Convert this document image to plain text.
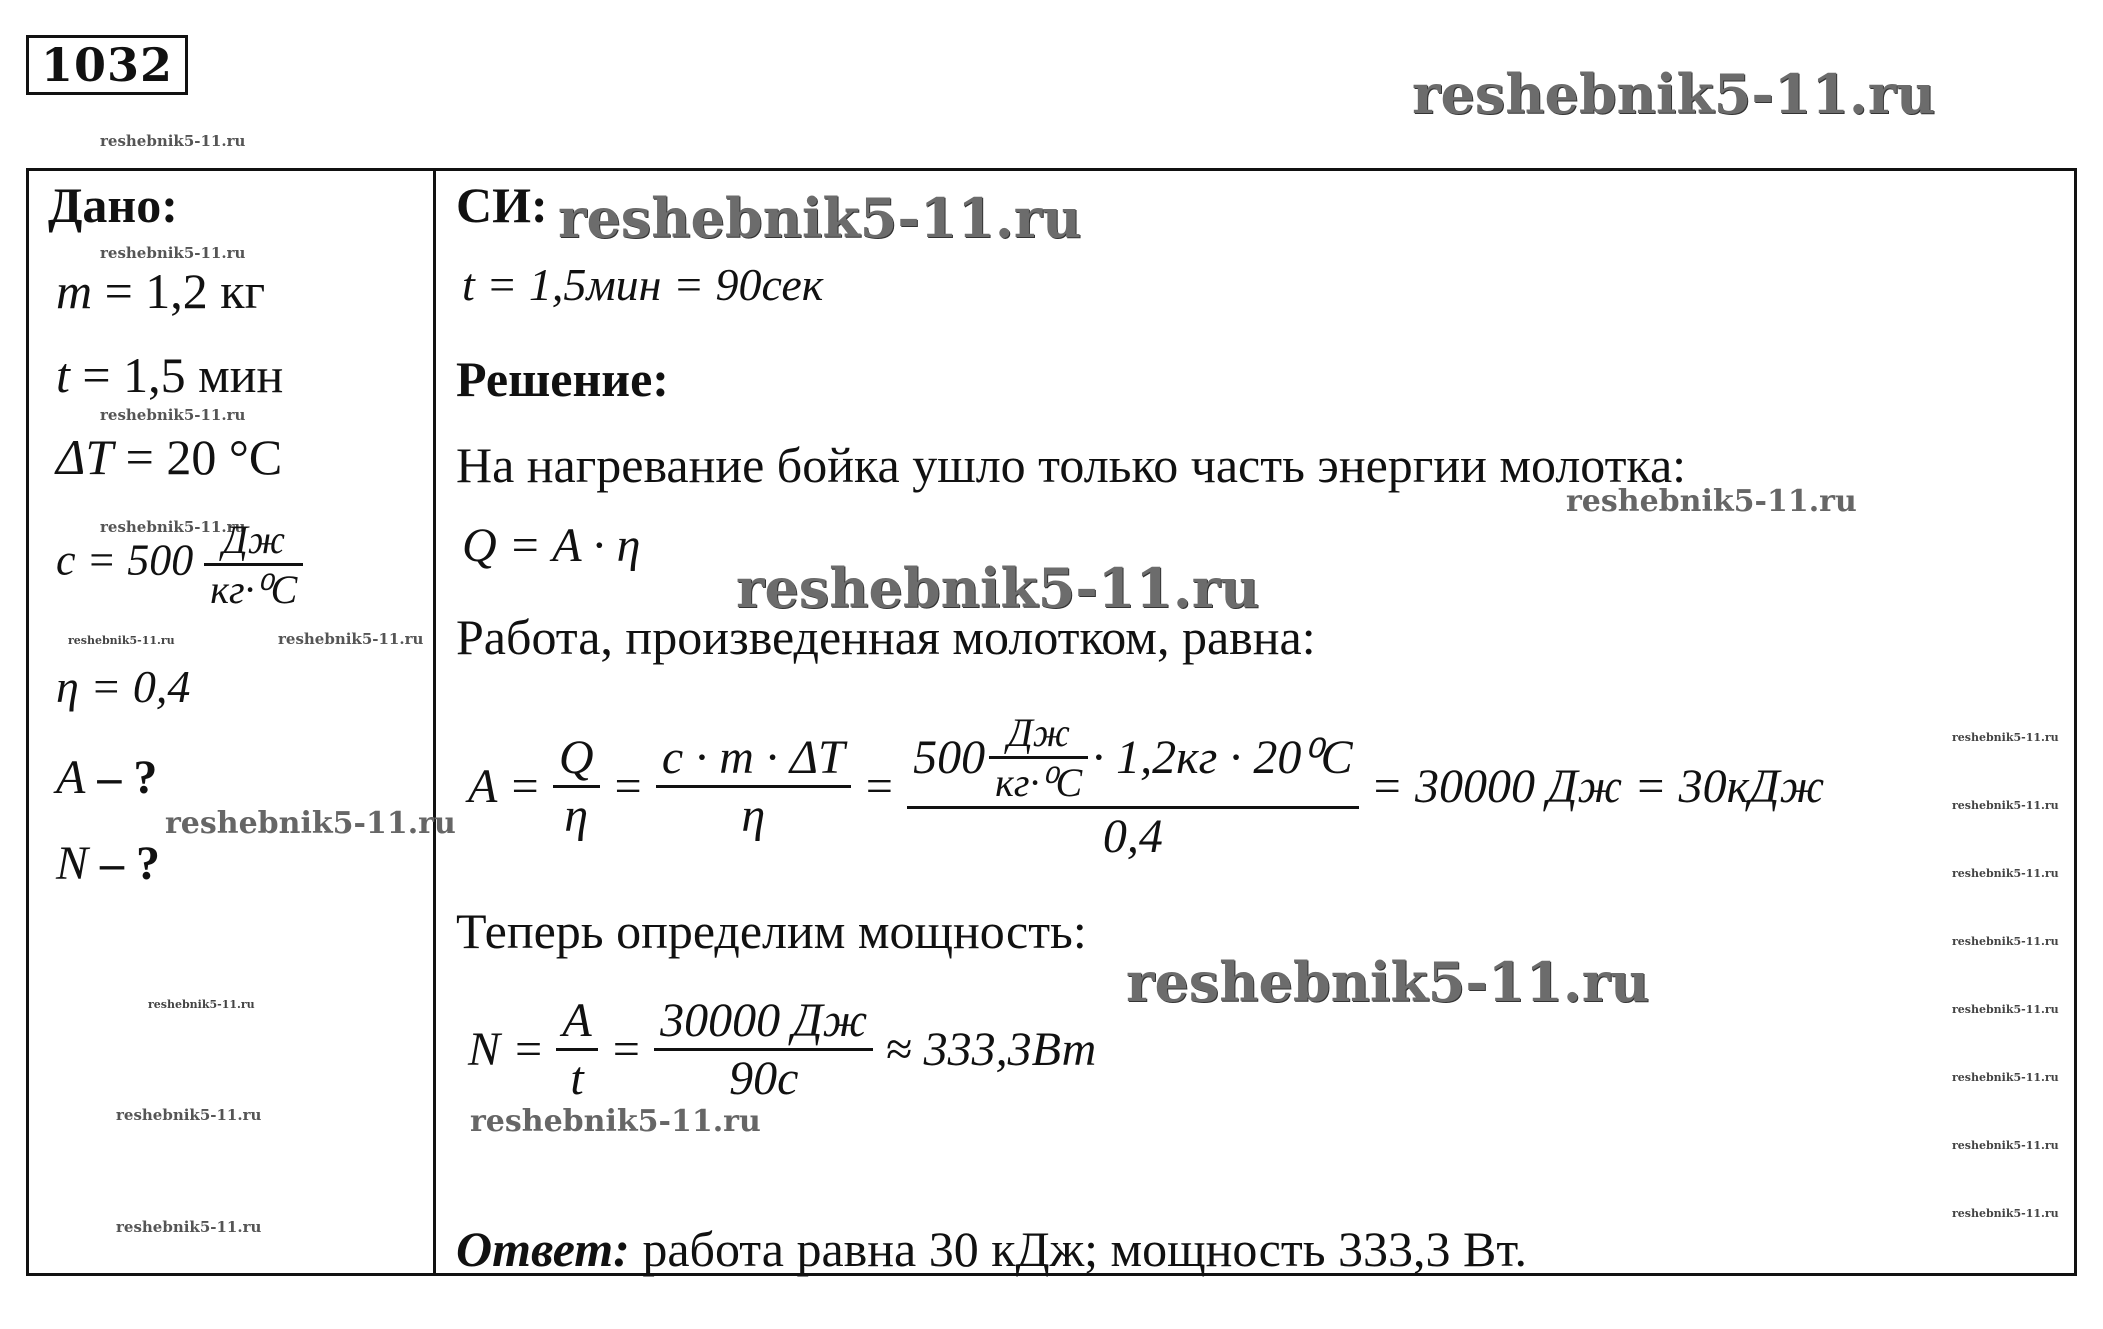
1032	reshebnik5-11.ru
reshebnik5-11.ru
Дано:
reshebnik5-11.ru
m = 1,2 кг
t = 1,5 мин
reshebnik5-11.ru
ΔT = 20 °С
reshebnik5-11.ru
$c = 500 \frac{Дж}{\text{кг·⁰C}}$
reshebnik5-11.ru	reshebnik5-11.ru
η = 0,4
A – ?
reshebnik5-11.ru
N – ?
reshebnik5-11.ru
reshebnik5-11.ru
reshebnik5-11.ru
СИ: reshebnik5-11.ru
t = 1,5мин = 90сек
Решение:
На нагревание бойка ушло только часть энергии молотка:
reshebnik5-11.ru
Q = A · η
reshebnik5-11.ru
Работа, произведенная молотком, равна:
$A = \frac{Q}{\eta} = \frac{c \cdot m \cdot \Delta T}{\eta} = \frac{500 \frac{Дж}{\text{кг·⁰C}} \cdot 1,2кг \cdot 20^0C}{0,4} = 30000$ Дж = 30кДж
Теперь определим мощность:
reshebnik5-11.ru
$N = \frac{A}{t} = \frac{30000 Дж}{90с} \approx 333,3Вт$
reshebnik5-11.ru
Ответ: работа равна 30 кДж; мощность 333,3 Вт.
reshebnik5-11.ru
reshebnik5-11.ru
reshebnik5-11.ru
reshebnik5-11.ru
reshebnik5-11.ru
reshebnik5-11.ru
reshebnik5-11.ru
reshebnik5-11.ru
